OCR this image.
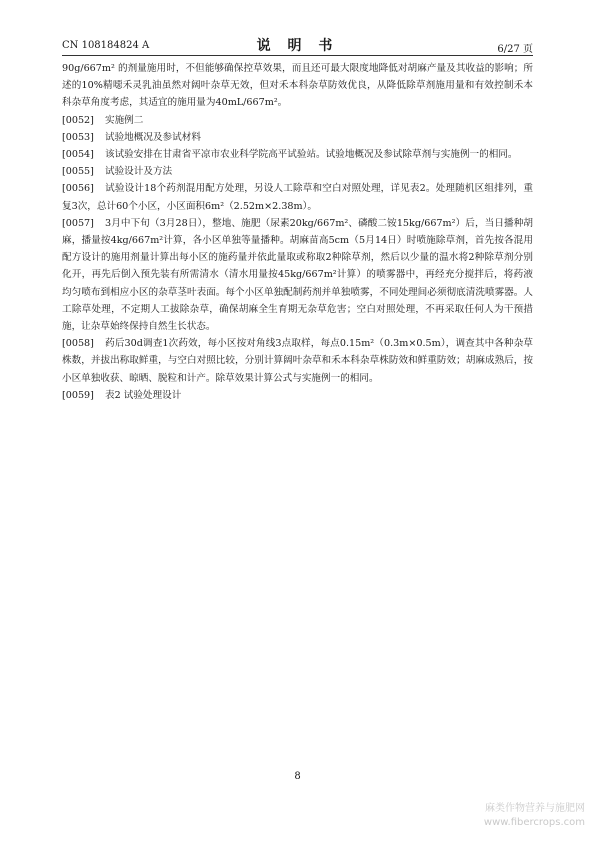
CN 108184824 A	说 明 书	6/27 页

90g/667m² 的剂量施用时，不但能够确保控草效果，而且还可最大限度地降低对胡麻产量及其收益的影响；所述的10%精噁禾灵乳油虽然对阔叶杂草无效，但对禾本科杂草防效优良，从降低除草剂施用量和有效控制禾本科杂草角度考虑，其适宜的施用量为40mL/667m²。

[0052] 实施例二

[0053] 试验地概况及参试材料

[0054] 该试验安排在甘肃省平凉市农业科学院高平试验站。试验地概况及参试除草剂与实施例一的相同。

[0055] 试验设计及方法

[0056] 试验设计18个药剂混用配方处理，另设人工除草和空白对照处理，详见表2。处理随机区组排列，重复3次，总计60个小区，小区面积6m²（2.52m×2.38m）。

[0057] 3月中下旬（3月28日），整地、施肥（尿素20kg/667m²、磷酸二铵15kg/667m²）后，当日播种胡麻，播量按4kg/667m²计算，各小区单独等量播种。胡麻苗高5cm（5月14日）时喷施除草剂，首先按各混用配方设计的施用剂量计算出每小区的施药量并依此量取或称取2种除草剂，然后以少量的温水将2种除草剂分别化开，再先后倒入预先装有所需清水（清水用量按45kg/667m²计算）的喷雾器中，再经充分搅拌后，将药液均匀喷布到相应小区的杂草茎叶表面。每个小区单独配制药剂并单独喷雾，不同处理间必须彻底清洗喷雾器。人工除草处理，不定期人工拔除杂草，确保胡麻全生育期无杂草危害；空白对照处理，不再采取任何人为干预措施，让杂草始终保持自然生长状态。

[0058] 药后30d调查1次药效，每小区按对角线3点取样，每点0.15m²（0.3m×0.5m），调查其中各种杂草株数，并拔出称取鲜重，与空白对照比较，分别计算阔叶杂草和禾本科杂草株防效和鲜重防效；胡麻成熟后，按小区单独收获、晾晒、脱粒和计产。除草效果计算公式与实施例一的相同。

[0059] 表2 试验处理设计

8
麻类作物营养与施肥网
www.fibercrops.com
